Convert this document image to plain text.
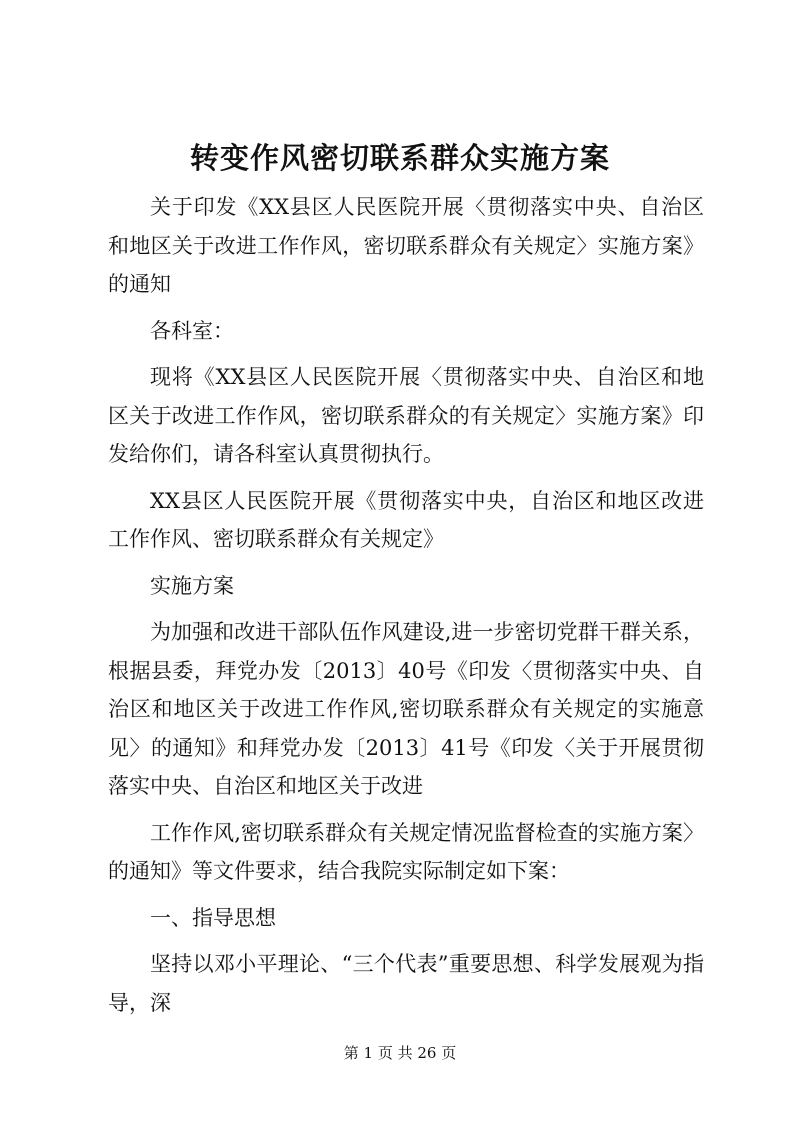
转变作风密切联系群众实施方案

关于印发《XX县区人民医院开展〈贯彻落实中央、自治区和地区关于改进工作作风，密切联系群众有关规定〉实施方案》的通知

各科室：

现将《XX县区人民医院开展〈贯彻落实中央、自治区和地区关于改进工作作风，密切联系群众的有关规定〉实施方案》印发给你们，请各科室认真贯彻执行。

XX县区人民医院开展《贯彻落实中央，自治区和地区改进工作作风、密切联系群众有关规定》

实施方案

为加强和改进干部队伍作风建设,进一步密切党群干群关系，根据县委，拜党办发〔2013〕40号《印发〈贯彻落实中央、自治区和地区关于改进工作作风,密切联系群众有关规定的实施意见〉的通知》和拜党办发〔2013〕41号《印发〈关于开展贯彻落实中央、自治区和地区关于改进

工作作风,密切联系群众有关规定情况监督检查的实施方案〉的通知》等文件要求，结合我院实际制定如下案：

一、指导思想

坚持以邓小平理论、“三个代表”重要思想、科学发展观为指导，深

第 1 页 共 26 页
